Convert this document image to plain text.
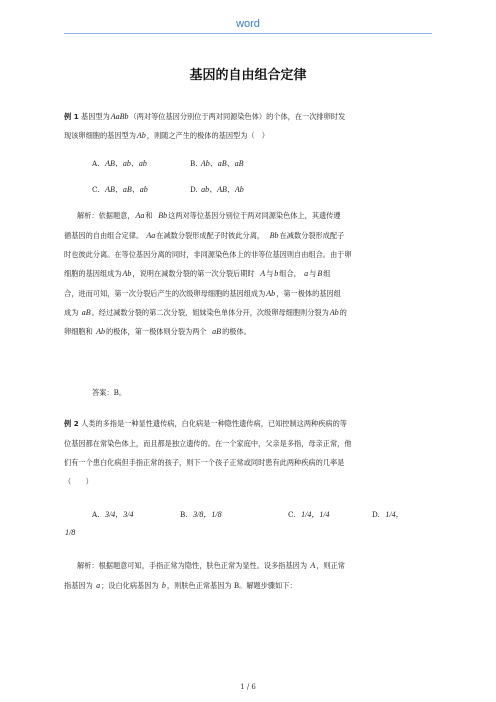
word
基因的自由组合定律
例 1 基因型为AaBb（两对等位基因分别位于两对同源染色体）的个体，在一次排卵时发
现该卵细胞的基因型为Ab，则随之产生的极体的基因型为（　）
A. AB、ab、ab	B. Ab、aB、aB
C. AB、aB、ab	D. ab、AB、Ab
解析：依据题意，Aa和 Bb这两对等位基因分别位于两对同源染色体上，其遗传遵
循基因的自由组合定律。 Aa在减数分裂形成配子时彼此分离， Bb在减数分裂形成配子
时也彼此分离。在等位基因分离的同时，非同源染色体上的非等位基因则自由组合。由于卵
细胞的基因组成为Ab，说明在减数分裂的第一次分裂后期时 A与b组合， a与B组
合，进而可知，第一次分裂后产生的次级卵母细胞的基因组成为Ab，第一极体的基因组
成为 aB。经过减数分裂的第二次分裂，姐妹染色单体分开，次级卵母细胞则分裂为Ab的
卵细胞和 Ab的极体，第一极体则分裂为两个 aB的极体。
答案：B。
例 2 人类的多指是一种显性遗传病，白化病是一种隐性遗传病，已知控制这两种疾病的等
位基因都在常染色体上，而且都是独立遗传的。在一个家庭中，父亲是多指，母亲正常，他
们有一个患白化病但手指正常的孩子，则下一个孩子正常或同时患有此两种疾病的几率是
（　　）
A. 3/4，3/4	B. 3/8，1/8	C. 1/4，1/4	D. 1/4，
1/8
解析：根据题意可知，手指正常为隐性，肤色正常为显性。设多指基因为 A，则正常
指基因为 a；设白化病基因为 b，则肤色正常基因为 B。解题步骤如下：
1 / 6
